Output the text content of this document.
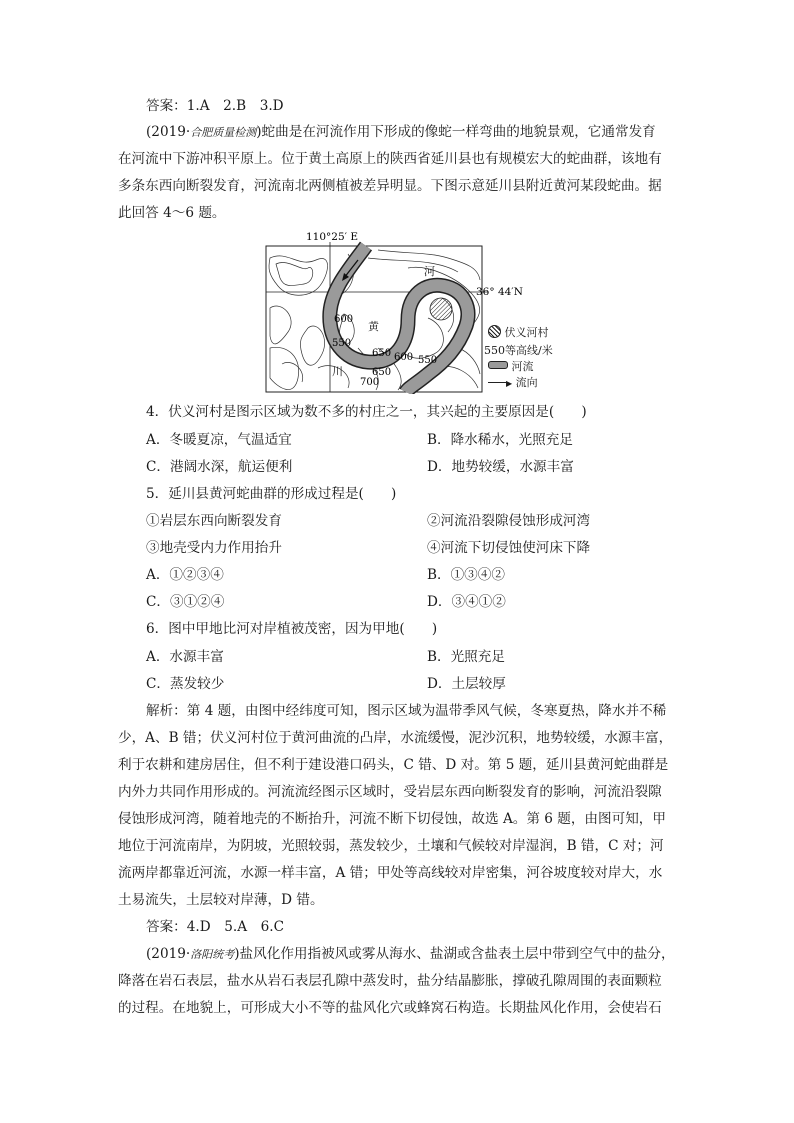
答案：1.A　2.B　3.D
(2019·合肥质量检测)蛇曲是在河流作用下形成的像蛇一样弯曲的地貌景观，它通常发育
在河流中下游冲积平原上。位于黄土高原上的陕西省延川县也有规模宏大的蛇曲群，该地有
多条东西向断裂发育，河流南北两侧植被差异明显。下图示意延川县附近黄河某段蛇曲。据
此回答 4～6 题。
110°25′ E
36° 44′N
河
黄
川
600
550
650 600 550
650
700
伏义河村
550等高线/米
河流
▶ 流向
4．伏义河村是图示区域为数不多的村庄之一，其兴起的主要原因是(　　)
A．冬暖夏凉，气温适宜	B．降水稀水，光照充足
C．港阔水深，航运便利	D．地势较缓，水源丰富
5．延川县黄河蛇曲群的形成过程是(　　)
①岩层东西向断裂发育	②河流沿裂隙侵蚀形成河湾
③地壳受内力作用抬升	④河流下切侵蚀使河床下降
A．①②③④	B．①③④②
C．③①②④	D．③④①②
6．图中甲地比河对岸植被茂密，因为甲地(　　)
A．水源丰富	B．光照充足
C．蒸发较少	D．土层较厚
解析：第 4 题，由图中经纬度可知，图示区域为温带季风气候，冬寒夏热，降水并不稀
少，A、B 错；伏义河村位于黄河曲流的凸岸，水流缓慢，泥沙沉积，地势较缓，水源丰富，
利于农耕和建房居住，但不利于建设港口码头，C 错、D 对。第 5 题，延川县黄河蛇曲群是
内外力共同作用形成的。河流流经图示区域时，受岩层东西向断裂发育的影响，河流沿裂隙
侵蚀形成河湾，随着地壳的不断抬升，河流不断下切侵蚀，故选 A。第 6 题，由图可知，甲
地位于河流南岸，为阴坡，光照较弱，蒸发较少，土壤和气候较对岸湿润，B 错，C 对；河
流两岸都靠近河流，水源一样丰富，A 错；甲处等高线较对岸密集，河谷坡度较对岸大，水
土易流失，土层较对岸薄，D 错。
答案：4.D　5.A　6.C
(2019·洛阳统考)盐风化作用指被风或雾从海水、盐湖或含盐表土层中带到空气中的盐分，
降落在岩石表层，盐水从岩石表层孔隙中蒸发时，盐分结晶膨胀，撑破孔隙周围的表面颗粒
的过程。在地貌上，可形成大小不等的盐风化穴或蜂窝石构造。长期盐风化作用，会使岩石
